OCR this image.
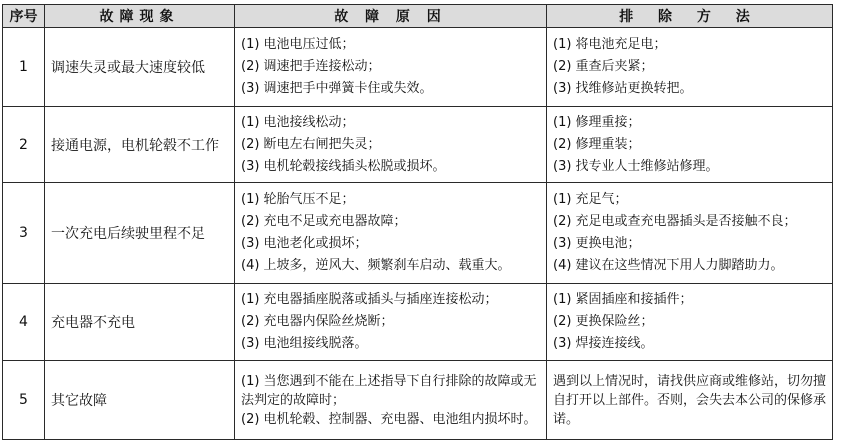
序号	故障现象	故 障 原 因	排 除 方 法
1	调速失灵或最大速度较低	(1) 电池电压过低；
(2) 调速把手连接松动；
(3) 调速把手中弹簧卡住或失效。	(1) 将电池充足电；
(2) 重查后夹紧；
(3) 找维修站更换转把。

2	接通电源，电机轮毂不工作	(1) 电池接线松动；
(2) 断电左右闸把失灵；
(3) 电机轮毂接线插头松脱或损坏。	(1) 修理重接；
(2) 修理重装；
(3) 找专业人士维修站修理。

3	一次充电后续驶里程不足	(1) 轮胎气压不足；
(2) 充电不足或充电器故障；
(3) 电池老化或损坏；
(4) 上坡多，逆风大、频繁刹车启动、载重大。	(1) 充足气；
(2) 充足电或查充电器插头是否接触不良；
(3) 更换电池；
(4) 建议在这些情况下用人力脚踏助力。

4	充电器不充电	(1) 充电器插座脱落或插头与插座连接松动；
(2) 充电器内保险丝烧断；
(3) 电池组接线脱落。	(1) 紧固插座和接插件；
(2) 更换保险丝；
(3) 焊接连接线。

5	其它故障	(1) 当您遇到不能在上述指导下自行排除的故障或无法判定的故障时；
(2) 电机轮毂、控制器、充电器、电池组内损坏时。	遇到以上情况时，请找供应商或维修站，切勿擅自打开以上部件。否则，会失去本公司的保修承诺。
